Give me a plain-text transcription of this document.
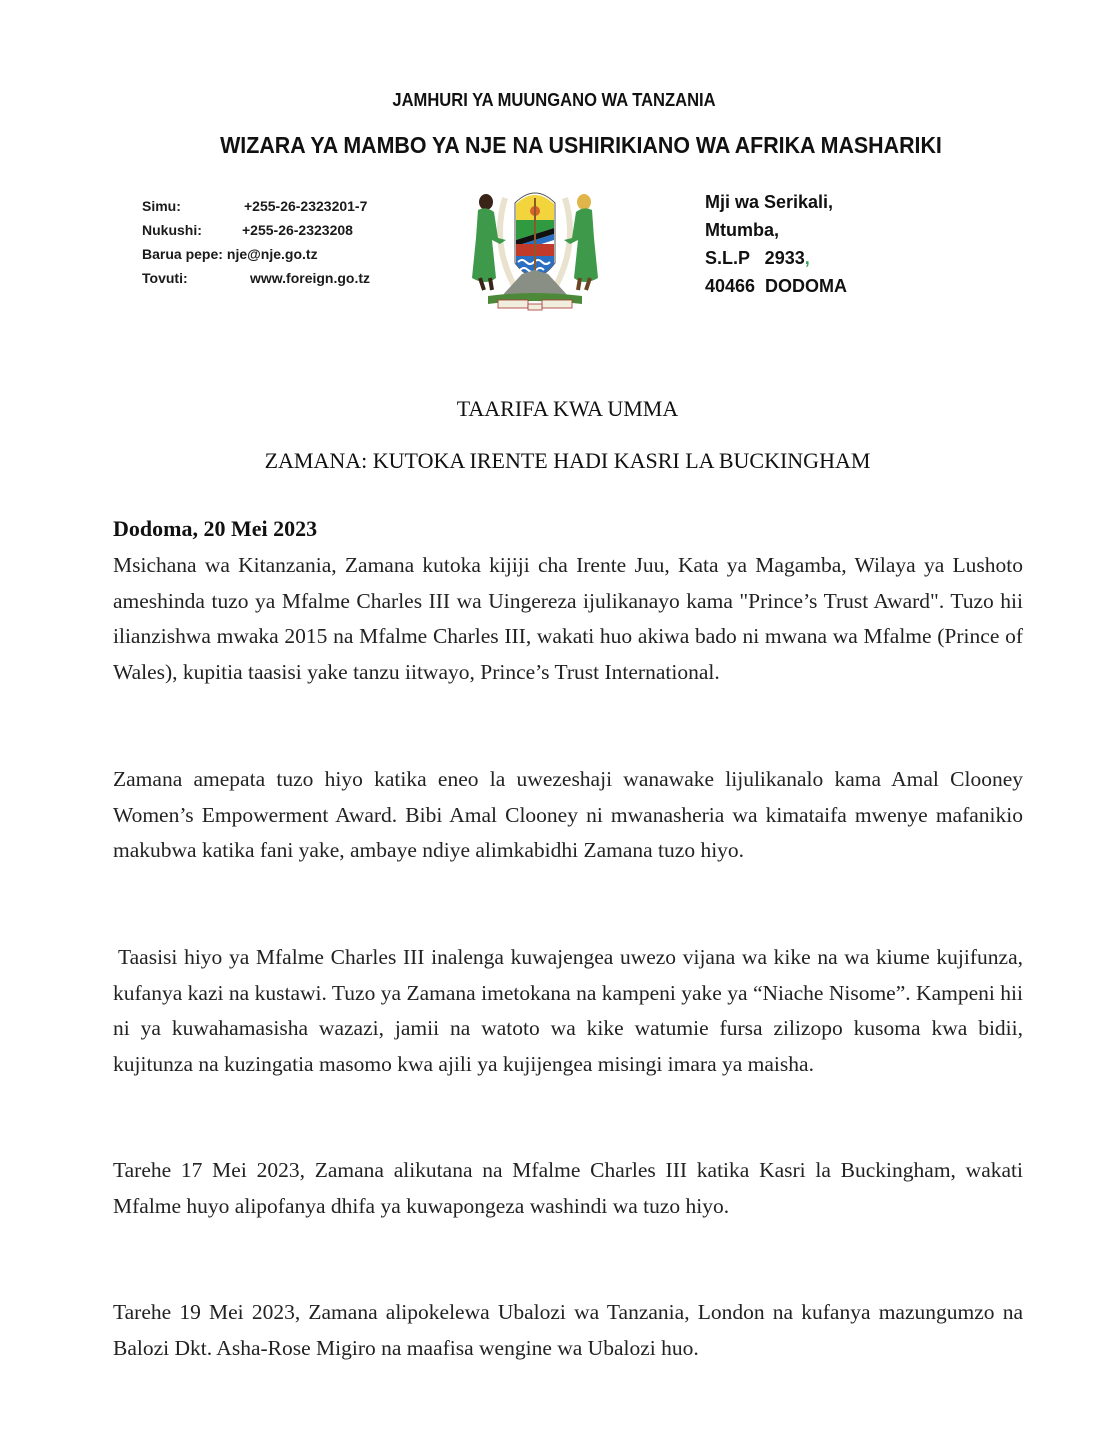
JAMHURI YA MUUNGANO WA TANZANIA
WIZARA YA MAMBO YA NJE NA USHIRIKIANO WA AFRIKA MASHARIKI
Simu:	+255-26-2323201-7
Nukushi:	+255-26-2323208
Barua pepe: nje@nje.go.tz
Tovuti:	www.foreign.go.tz
Mji wa Serikali,
Mtumba,
S.L.P   2933,
40466  DODOMA
TAARIFA KWA UMMA
ZAMANA: KUTOKA IRENTE HADI KASRI LA BUCKINGHAM
Dodoma, 20 Mei 2023
Msichana wa Kitanzania, Zamana kutoka kijiji cha Irente Juu, Kata ya Magamba, Wilaya ya Lushoto ameshinda tuzo ya Mfalme Charles III wa Uingereza ijulikanayo kama "Prince’s Trust Award". Tuzo hii ilianzishwa mwaka 2015 na Mfalme Charles III, wakati huo akiwa bado ni mwana wa Mfalme (Prince of Wales), kupitia taasisi yake tanzu iitwayo, Prince’s Trust International.
Zamana amepata tuzo hiyo katika eneo la uwezeshaji wanawake lijulikanalo kama Amal Clooney Women’s Empowerment Award. Bibi Amal Clooney ni mwanasheria wa kimataifa mwenye mafanikio makubwa katika fani yake, ambaye ndiye alimkabidhi Zamana tuzo hiyo.
Taasisi hiyo ya Mfalme Charles III inalenga kuwajengea uwezo vijana wa kike na wa kiume kujifunza, kufanya kazi na kustawi. Tuzo ya Zamana imetokana na kampeni yake ya “Niache Nisome”. Kampeni hii ni ya kuwahamasisha wazazi, jamii na watoto wa kike watumie fursa zilizopo kusoma kwa bidii, kujitunza na kuzingatia masomo kwa ajili ya kujijengea misingi imara ya maisha.
Tarehe 17 Mei 2023, Zamana alikutana na Mfalme Charles III katika Kasri la Buckingham, wakati Mfalme huyo alipofanya dhifa ya kuwapongeza washindi wa tuzo hiyo.
Tarehe 19 Mei 2023, Zamana alipokelewa Ubalozi wa Tanzania, London na kufanya mazungumzo na Balozi Dkt. Asha-Rose Migiro na maafisa wengine wa Ubalozi huo.
